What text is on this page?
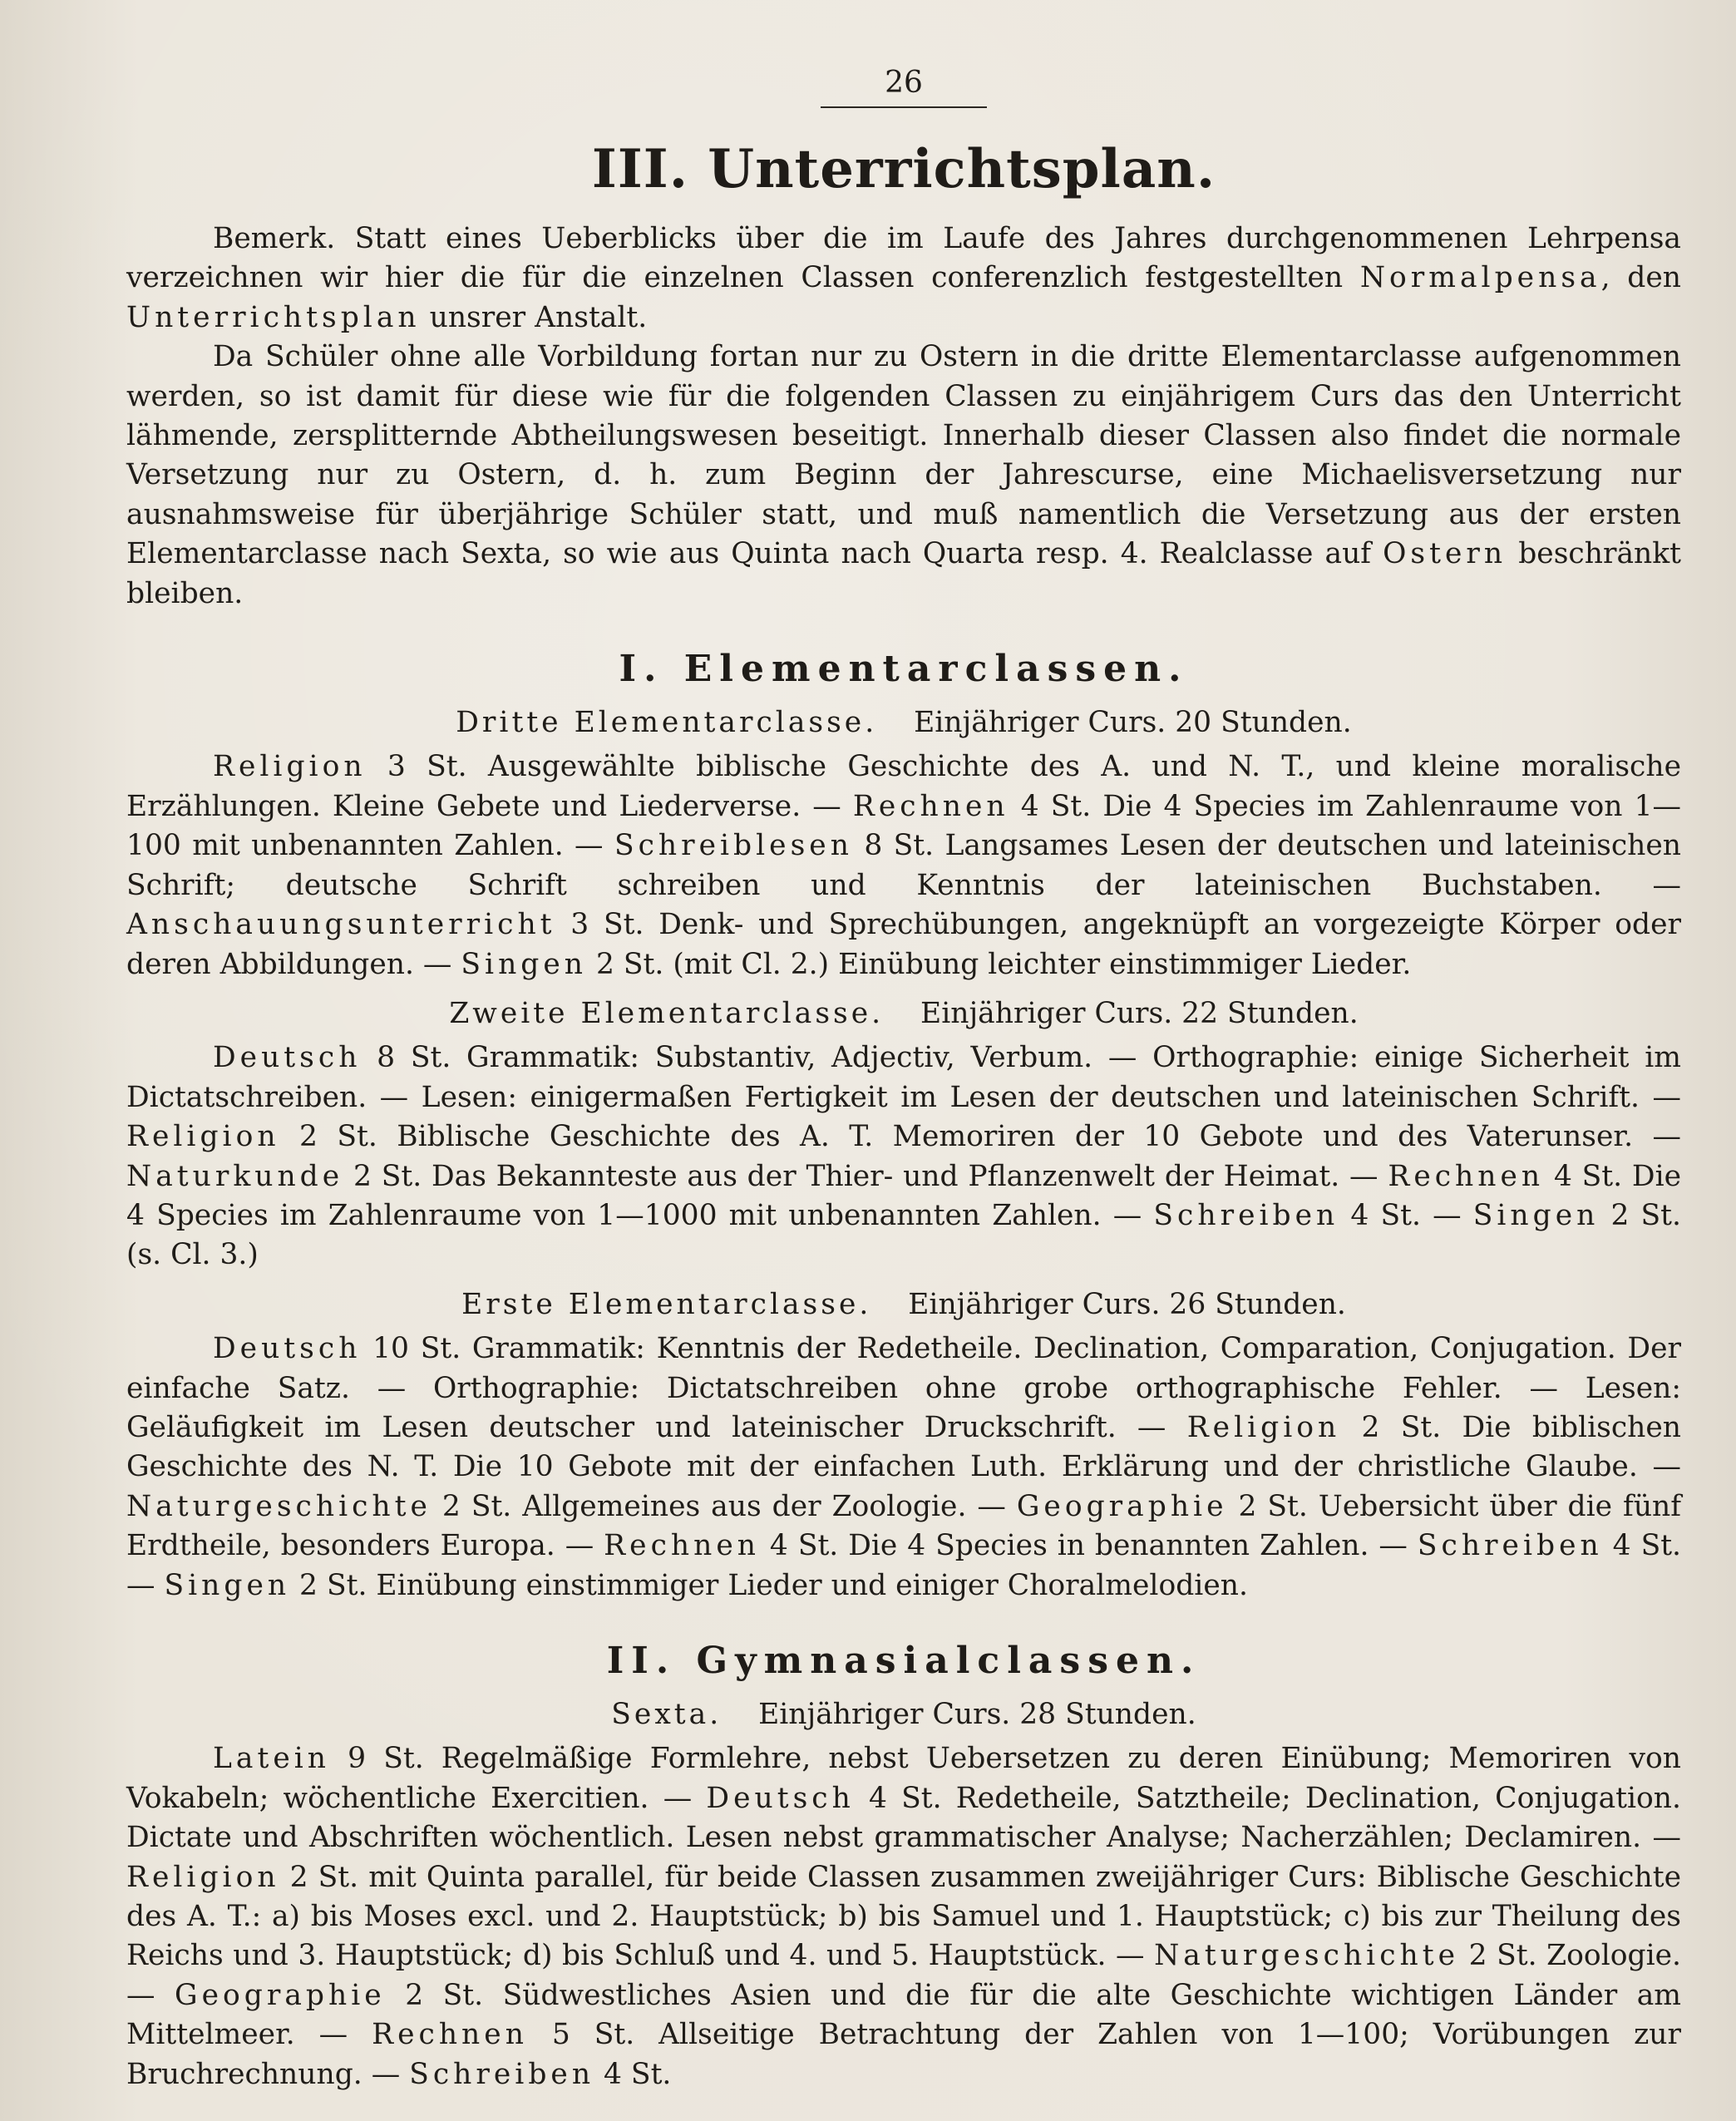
26
III. Unterrichtsplan.

Bemerk. Statt eines Ueberblicks über die im Laufe des Jahres durchgenommenen Lehrpensa verzeichnen wir hier die für die einzelnen Classen conferenzlich festgestellten Normalpensa, den Unterrichtsplan unsrer Anstalt.

Da Schüler ohne alle Vorbildung fortan nur zu Ostern in die dritte Elementarclasse aufgenommen werden, so ist damit für diese wie für die folgenden Classen zu einjährigem Curs das den Unterricht lähmende, zersplitternde Abtheilungswesen beseitigt. Innerhalb dieser Classen also findet die normale Versetzung nur zu Ostern, d. h. zum Beginn der Jahrescurse, eine Michaelisversetzung nur ausnahmsweise für überjährige Schüler statt, und muß namentlich die Versetzung aus der ersten Elementarclasse nach Sexta, so wie aus Quinta nach Quarta resp. 4. Realclasse auf Ostern beschränkt bleiben.

I. Elementarclassen.
Dritte Elementarclasse. Einjähriger Curs. 20 Stunden.

Religion 3 St. Ausgewählte biblische Geschichte des A. und N. T., und kleine moralische Erzählungen. Kleine Gebete und Liederverse. — Rechnen 4 St. Die 4 Species im Zahlenraume von 1—100 mit unbenannten Zahlen. — Schreiblesen 8 St. Langsames Lesen der deutschen und lateinischen Schrift; deutsche Schrift schreiben und Kenntnis der lateinischen Buchstaben. — Anschauungsunterricht 3 St. Denk- und Sprechübungen, angeknüpft an vorgezeigte Körper oder deren Abbildungen. — Singen 2 St. (mit Cl. 2.) Einübung leichter einstimmiger Lieder.

Zweite Elementarclasse. Einjähriger Curs. 22 Stunden.

Deutsch 8 St. Grammatik: Substantiv, Adjectiv, Verbum. — Orthographie: einige Sicherheit im Dictatschreiben. — Lesen: einigermaßen Fertigkeit im Lesen der deutschen und lateinischen Schrift. — Religion 2 St. Biblische Geschichte des A. T. Memoriren der 10 Gebote und des Vaterunser. — Naturkunde 2 St. Das Bekannteste aus der Thier- und Pflanzenwelt der Heimat. — Rechnen 4 St. Die 4 Species im Zahlenraume von 1—1000 mit unbenannten Zahlen. — Schreiben 4 St. — Singen 2 St. (s. Cl. 3.)

Erste Elementarclasse. Einjähriger Curs. 26 Stunden.

Deutsch 10 St. Grammatik: Kenntnis der Redetheile. Declination, Comparation, Conjugation. Der einfache Satz. — Orthographie: Dictatschreiben ohne grobe orthographische Fehler. — Lesen: Geläufigkeit im Lesen deutscher und lateinischer Druckschrift. — Religion 2 St. Die biblischen Geschichte des N. T. Die 10 Gebote mit der einfachen Luth. Erklärung und der christliche Glaube. — Naturgeschichte 2 St. Allgemeines aus der Zoologie. — Geographie 2 St. Uebersicht über die fünf Erdtheile, besonders Europa. — Rechnen 4 St. Die 4 Species in benannten Zahlen. — Schreiben 4 St. — Singen 2 St. Einübung einstimmiger Lieder und einiger Choralmelodien.

II. Gymnasialclassen.
Sexta. Einjähriger Curs. 28 Stunden.

Latein 9 St. Regelmäßige Formlehre, nebst Uebersetzen zu deren Einübung; Memoriren von Vokabeln; wöchentliche Exercitien. — Deutsch 4 St. Redetheile, Satztheile; Declination, Conjugation. Dictate und Abschriften wöchentlich. Lesen nebst grammatischer Analyse; Nacherzählen; Declamiren. — Religion 2 St. mit Quinta parallel, für beide Classen zusammen zweijähriger Curs: Biblische Geschichte des A. T.: a) bis Moses excl. und 2. Hauptstück; b) bis Samuel und 1. Hauptstück; c) bis zur Theilung des Reichs und 3. Hauptstück; d) bis Schluß und 4. und 5. Hauptstück. — Naturgeschichte 2 St. Zoologie. — Geographie 2 St. Südwestliches Asien und die für die alte Geschichte wichtigen Länder am Mittelmeer. — Rechnen 5 St. Allseitige Betrachtung der Zahlen von 1—100; Vorübungen zur Bruchrechnung. — Schreiben 4 St.
